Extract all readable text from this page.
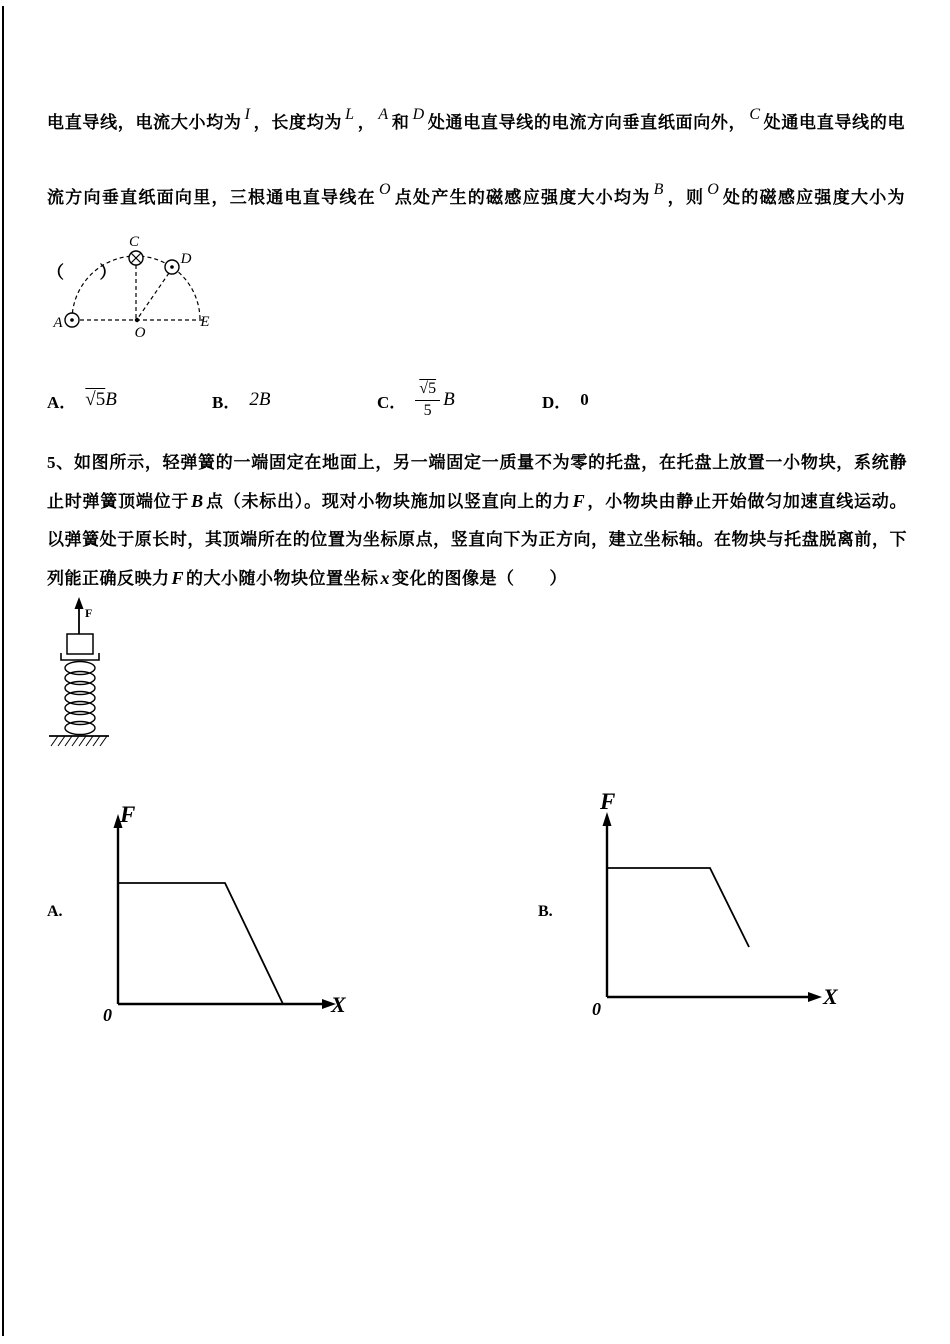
电直导线，电流大小均为 I ，长度均为 L ， A 和 D 处通电直导线的电流方向垂直纸面向外， C 处通电直导线的电流方向垂直纸面向里，三根通电直导线在 O 点处产生的磁感应强度大小均为 B ，则 O 处的磁感应强度大小为（　　）

A
C
D
O
E
A． √5B	B． 2B	C． $\frac{√5}{5}$ B	D． 0

5、如图所示，轻弹簧的一端固定在地面上，另一端固定一质量不为零的托盘，在托盘上放置一小物块，系统静止时弹簧顶端位于 B 点（未标出）。现对小物块施加以竖直向上的力 F ，小物块由静止开始做匀加速直线运动。以弹簧处于原长时，其顶端所在的位置为坐标原点，竖直向下为正方向，建立坐标轴。在物块与托盘脱离前，下列能正确反映力 F 的大小随小物块位置坐标 x 变化的图像是（　　）

F
A.
F
X
0
B.
F
X
0
